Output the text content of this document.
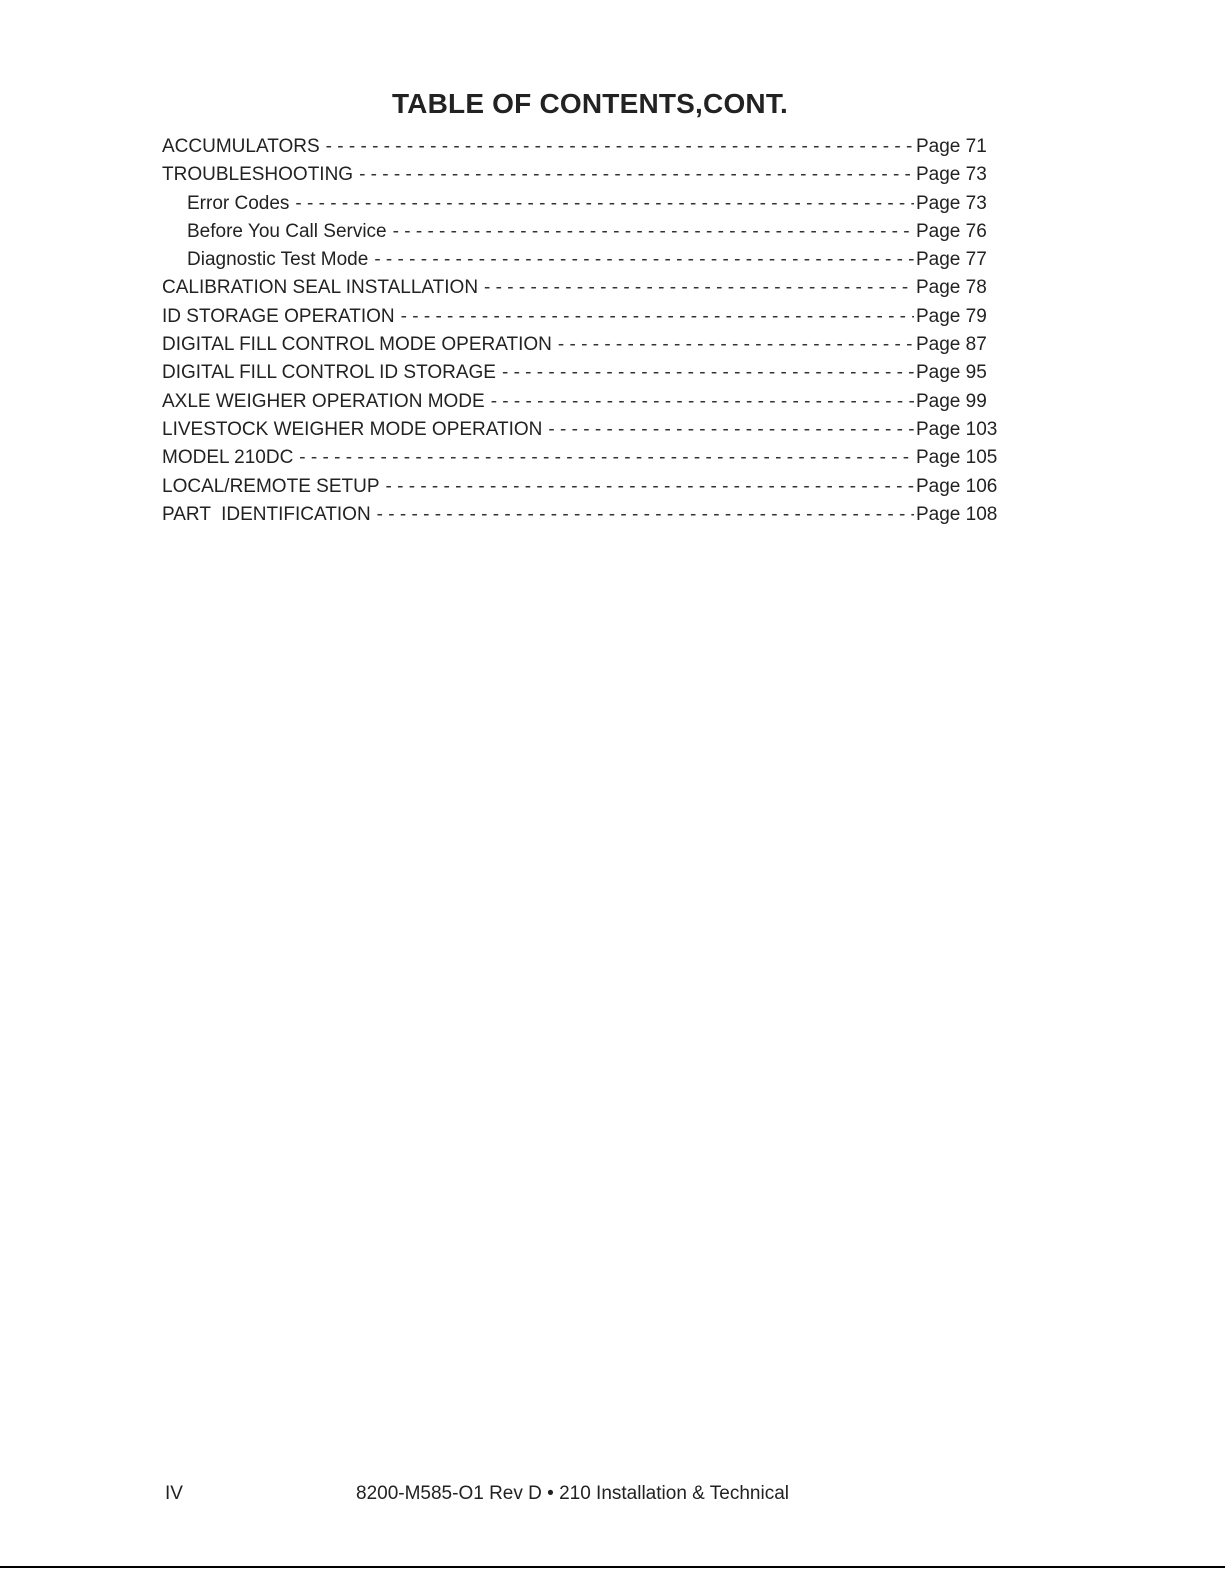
TABLE OF CONTENTS,CONT.
ACCUMULATORS - - -	Page 71
TROUBLESHOOTING - - -	Page 73
Error Codes - - -	Page 73
Before You Call Service - - -	Page 76
Diagnostic Test Mode - - -	Page 77
CALIBRATION SEAL INSTALLATION - - -	Page 78
ID STORAGE OPERATION - - -	Page 79
DIGITAL FILL CONTROL MODE OPERATION - - -	Page 87
DIGITAL FILL CONTROL ID STORAGE - - -	Page 95
AXLE WEIGHER OPERATION MODE - - -	Page 99
LIVESTOCK WEIGHER MODE OPERATION - - -	Page 103
MODEL 210DC - - -	Page 105
LOCAL/REMOTE SETUP - - -	Page 106
PART  IDENTIFICATION - - -	Page 108
IV	8200-M585-O1 Rev D • 210 Installation & Technical
